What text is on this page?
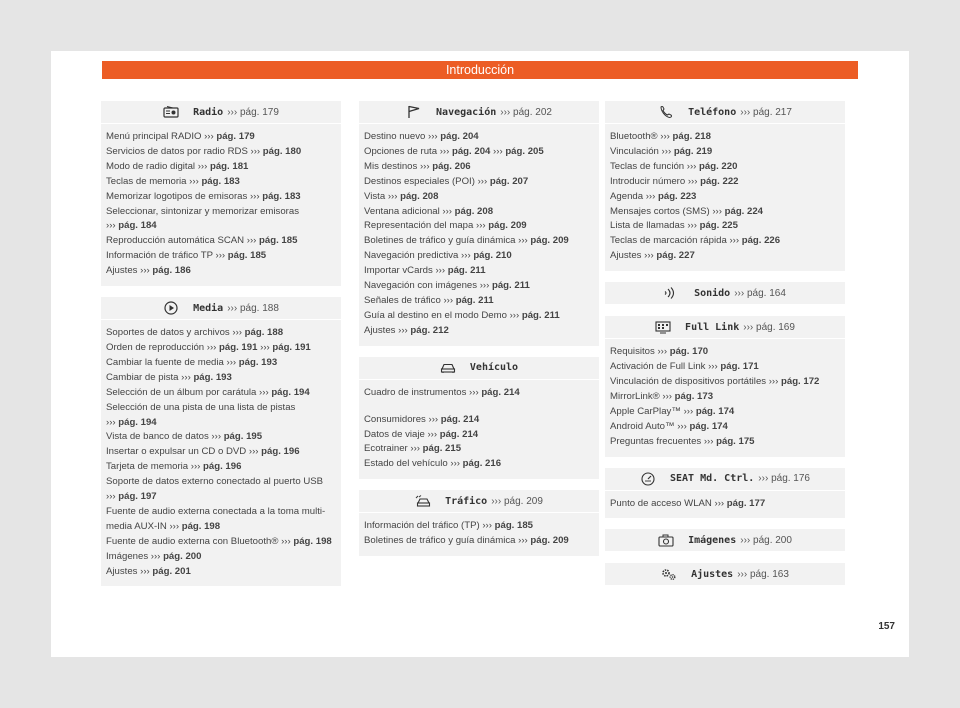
Introducción
Radio ››› pág. 179
Menú principal RADIO ››› pág. 179
Servicios de datos por radio RDS ››› pág. 180
Modo de radio digital ››› pág. 181
Teclas de memoria ››› pág. 183
Memorizar logotipos de emisoras ››› pág. 183
Seleccionar, sintonizar y memorizar emisoras
››› pág. 184
Reproducción automática SCAN ››› pág. 185
Información de tráfico TP ››› pág. 185
Ajustes ››› pág. 186
Media ››› pág. 188
Soportes de datos y archivos ››› pág. 188
Orden de reproducción ››› pág. 191 ››› pág. 191
Cambiar la fuente de media ››› pág. 193
Cambiar de pista ››› pág. 193
Selección de un álbum por carátula ››› pág. 194
Selección de una pista de una lista de pistas
››› pág. 194
Vista de banco de datos ››› pág. 195
Insertar o expulsar un CD o DVD ››› pág. 196
Tarjeta de memoria ››› pág. 196
Soporte de datos externo conectado al puerto USB
››› pág. 197
Fuente de audio externa conectada a la toma multi-
media AUX-IN ››› pág. 198
Fuente de audio externa con Bluetooth® ››› pág. 198
Imágenes ››› pág. 200
Ajustes ››› pág. 201
Navegación ››› pág. 202
Destino nuevo ››› pág. 204
Opciones de ruta ››› pág. 204 ››› pág. 205
Mis destinos ››› pág. 206
Destinos especiales (POI) ››› pág. 207
Vista ››› pág. 208
Ventana adicional ››› pág. 208
Representación del mapa ››› pág. 209
Boletines de tráfico y guía dinámica ››› pág. 209
Navegación predictiva ››› pág. 210
Importar vCards ››› pág. 211
Navegación con imágenes ››› pág. 211
Señales de tráfico ››› pág. 211
Guía al destino en el modo Demo ››› pág. 211
Ajustes ››› pág. 212
Vehículo
Cuadro de instrumentos ››› pág. 214
Consumidores ››› pág. 214
Datos de viaje ››› pág. 214
Ecotrainer ››› pág. 215
Estado del vehículo ››› pág. 216
Tráfico ››› pág. 209
Información del tráfico (TP) ››› pág. 185
Boletines de tráfico y guía dinámica ››› pág. 209
Teléfono ››› pág. 217
Bluetooth® ››› pág. 218
Vinculación ››› pág. 219
Teclas de función ››› pág. 220
Introducir número ››› pág. 222
Agenda ››› pág. 223
Mensajes cortos (SMS) ››› pág. 224
Lista de llamadas ››› pág. 225
Teclas de marcación rápida ››› pág. 226
Ajustes ››› pág. 227
Sonido ››› pág. 164
Full Link ››› pág. 169
Requisitos ››› pág. 170
Activación de Full Link ››› pág. 171
Vinculación de dispositivos portátiles ››› pág. 172
MirrorLink® ››› pág. 173
Apple CarPlay™ ››› pág. 174
Android Auto™ ››› pág. 174
Preguntas frecuentes ››› pág. 175
SEAT Md. Ctrl. ››› pág. 176
Punto de acceso WLAN ››› pág. 177
Imágenes ››› pág. 200
Ajustes ››› pág. 163
157
